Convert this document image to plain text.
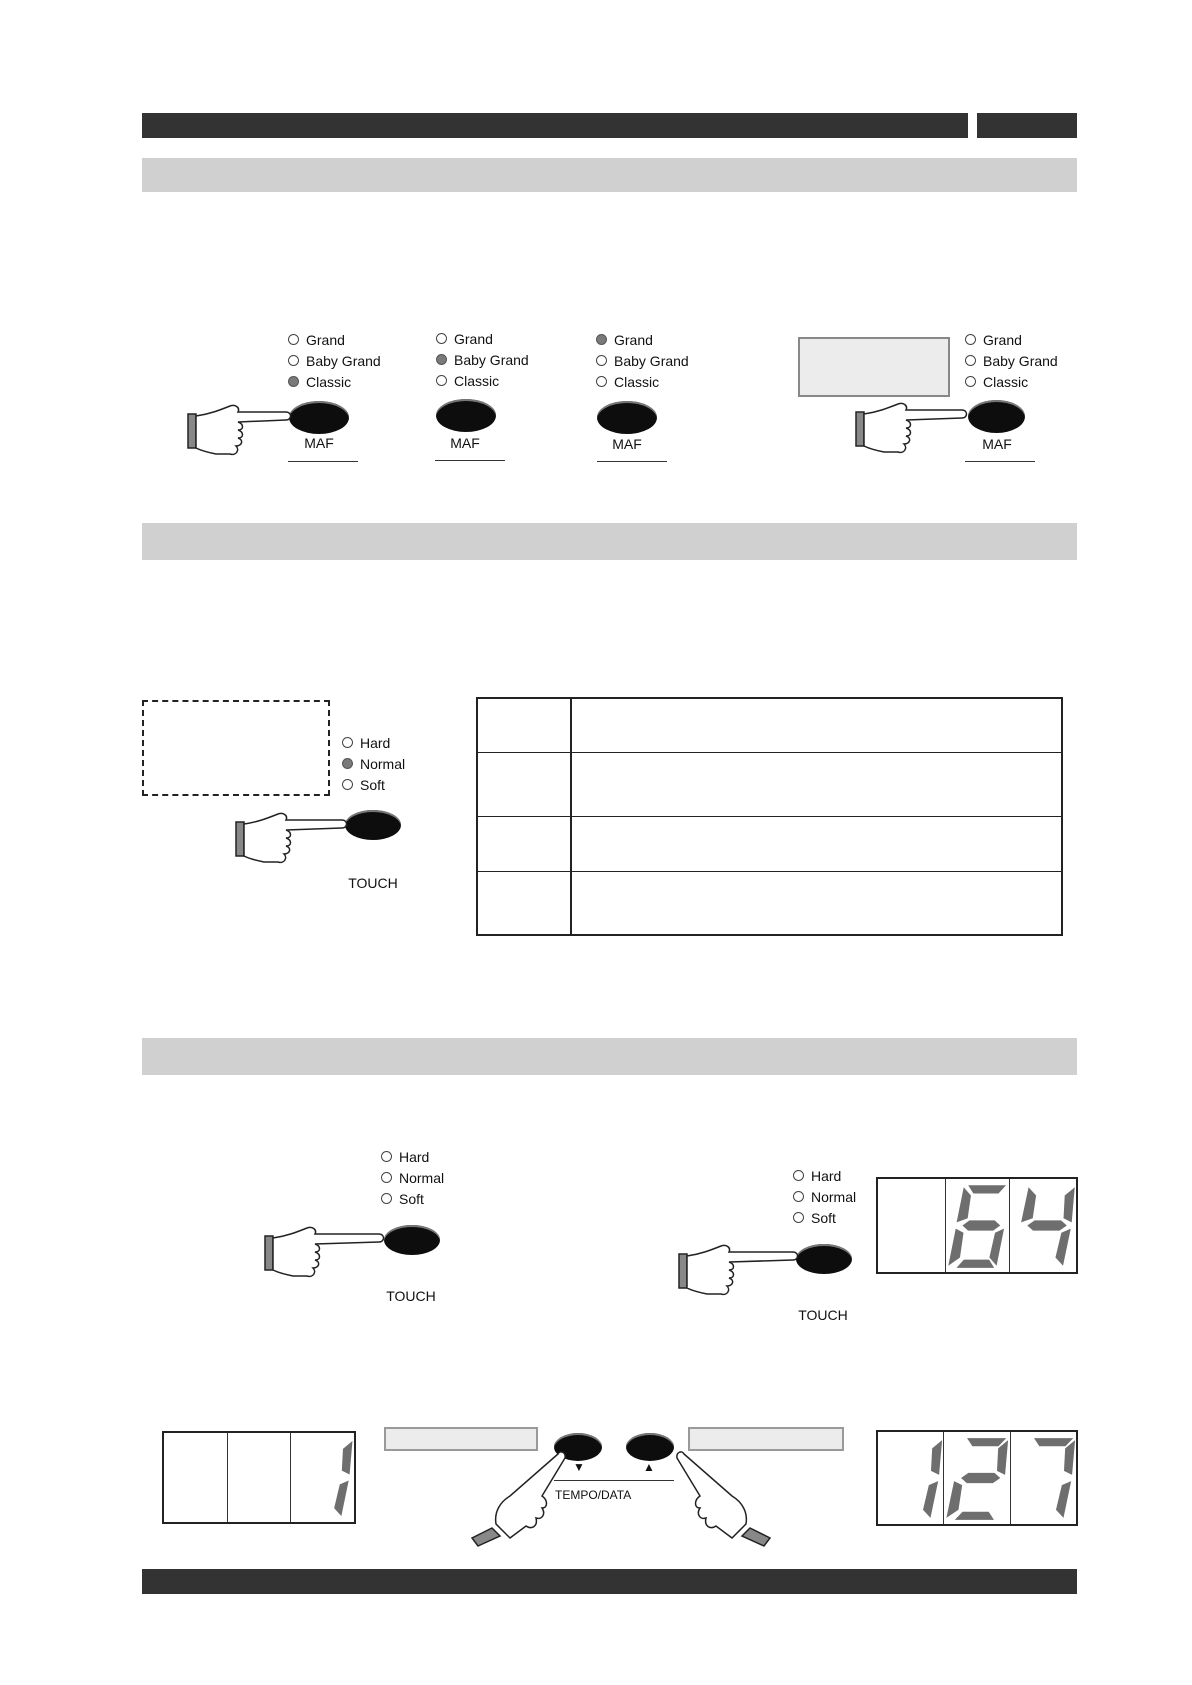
Grand
Baby Grand
Classic
MAF
Grand
Baby Grand
Classic
MAF
Grand
Baby Grand
Classic
MAF
Grand
Baby Grand
Classic
MAF
Hard
Normal
Soft
TOUCH
Hard
Normal
Soft
TOUCH
Hard
Normal
Soft
TOUCH
▼	▲
TEMPO/DATA
